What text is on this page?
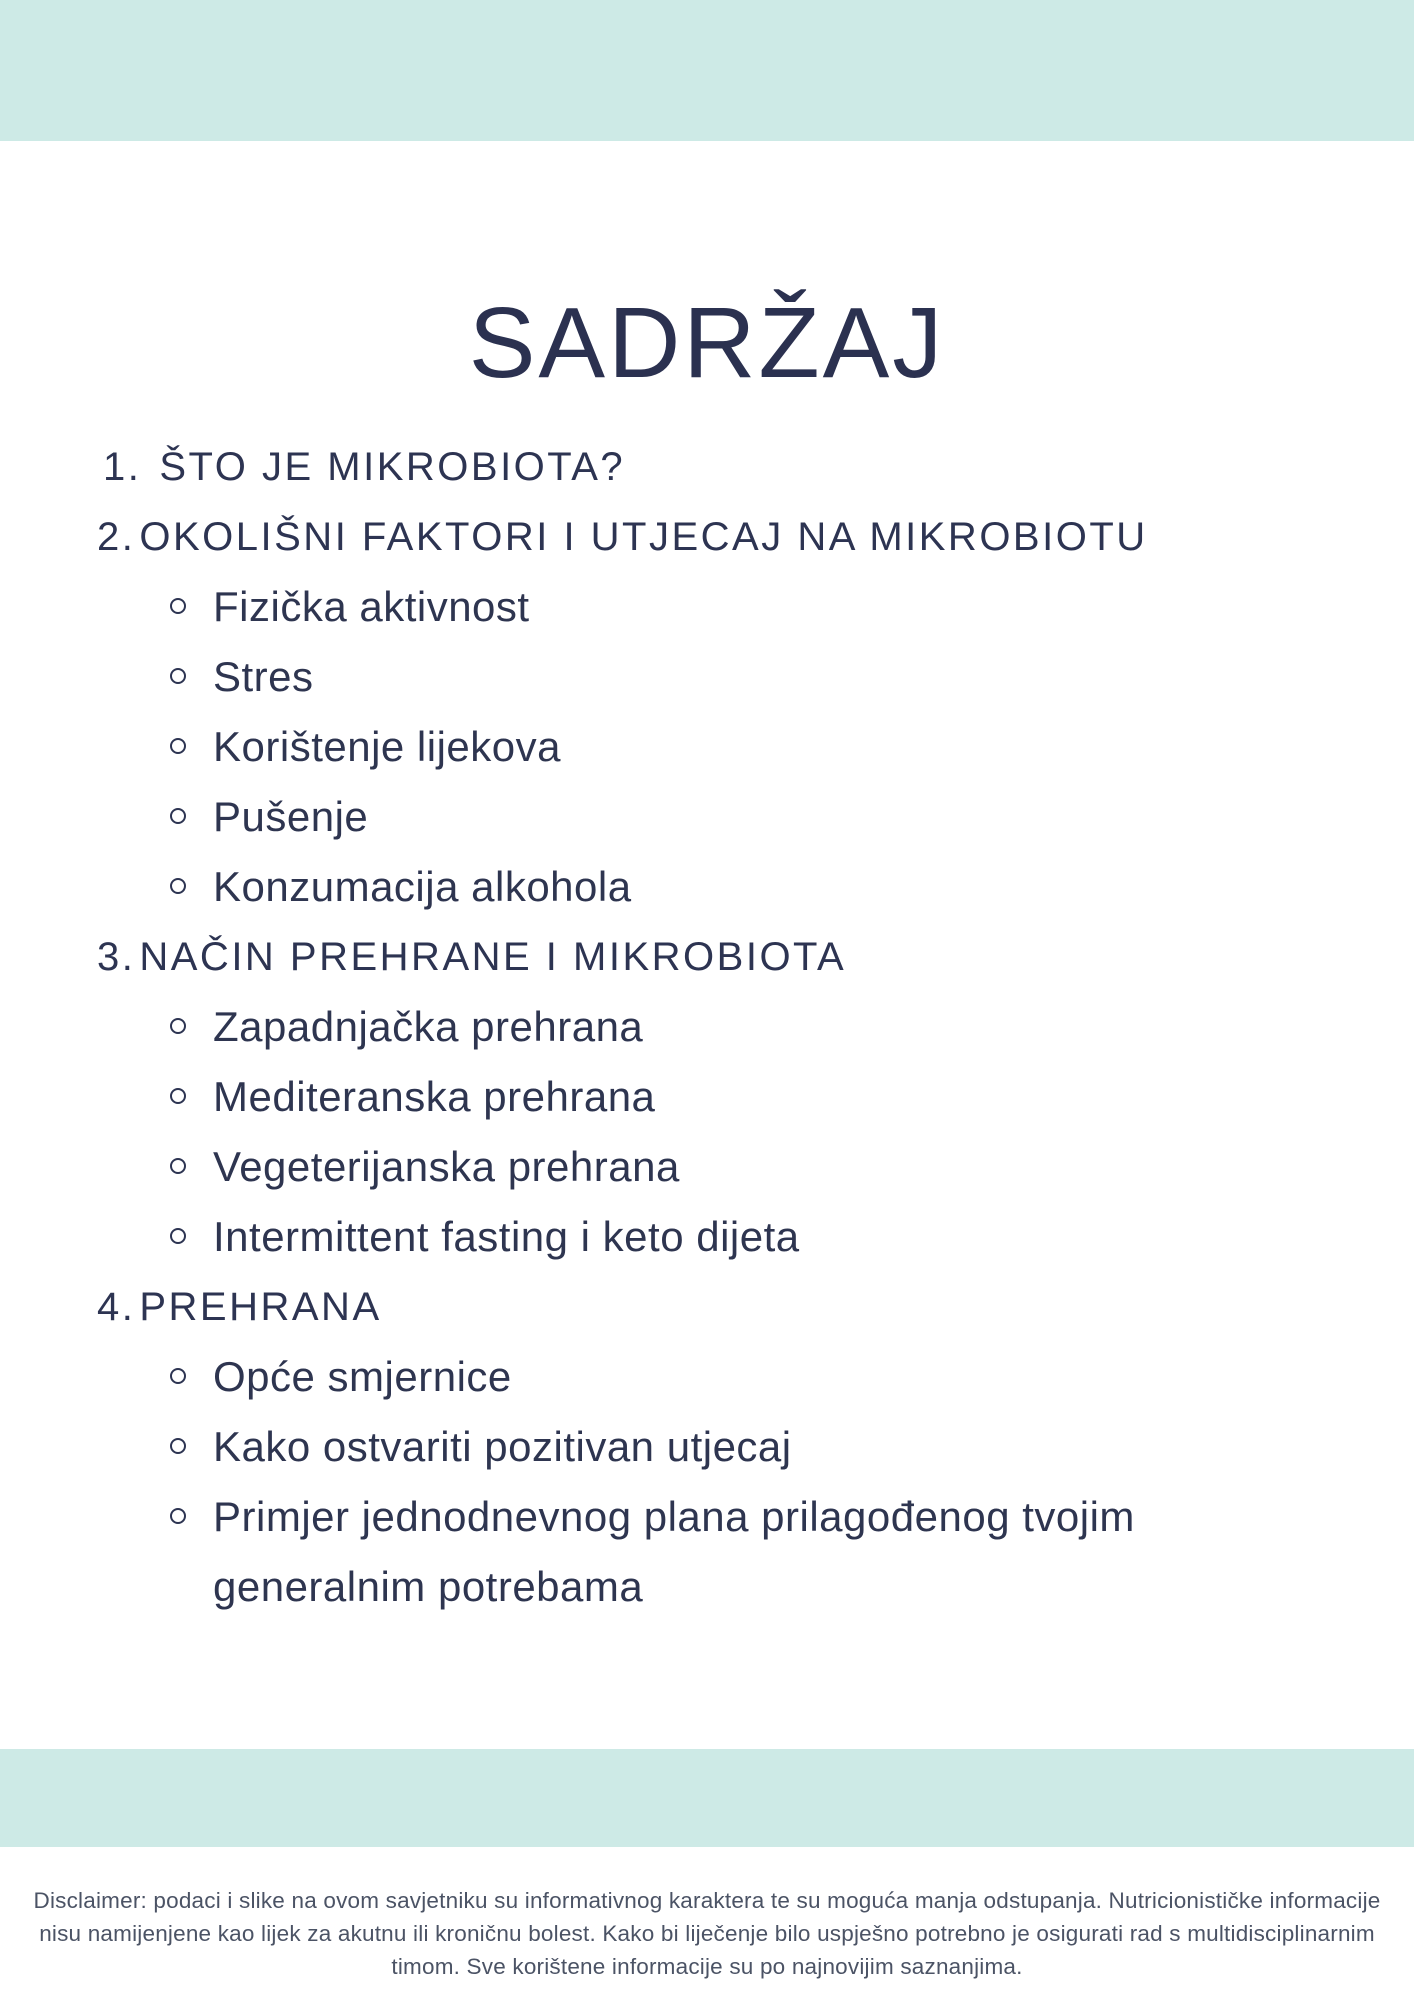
SADRŽAJ
1. ŠTO JE MIKROBIOTA?
2. OKOLIŠNI FAKTORI I UTJECAJ NA MIKROBIOTU
Fizička aktivnost
Stres
Korištenje lijekova
Pušenje
Konzumacija alkohola
3. NAČIN PREHRANE I MIKROBIOTA
Zapadnjačka prehrana
Mediteranska prehrana
Vegeterijanska prehrana
Intermittent fasting i keto dijeta
4. PREHRANA
Opće smjernice
Kako ostvariti pozitivan utjecaj
Primjer jednodnevnog plana prilagođenog tvojim generalnim potrebama
Disclaimer: podaci i slike na ovom savjetniku su informativnog karaktera te su moguća manja odstupanja. Nutricionističke informacije
nisu namijenjene kao lijek za akutnu ili kroničnu bolest. Kako bi liječenje bilo uspješno potrebno je osigurati rad s multidisciplinarnim
timom. Sve korištene informacije su po najnovijim saznanjima.
